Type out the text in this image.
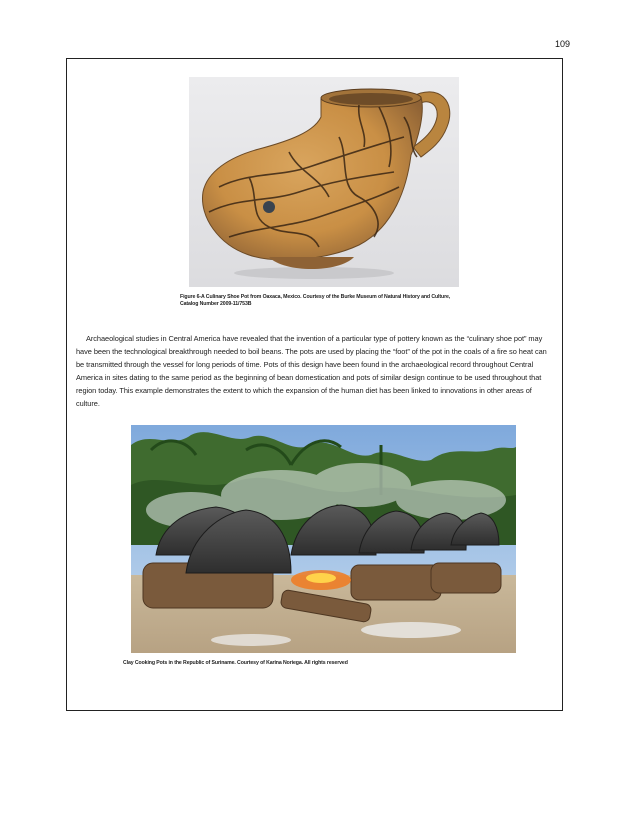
109
Figure 6-A Culinary Shoe Pot from Oaxaca, Mexico. Courtesy of the Burke Museum of Natural History and Culture, Catalog Number 2009-11/753B
Archaeological studies in Central America have revealed that the invention of a particular type of pottery known as the “culinary shoe pot” may have been the technological breakthrough needed to boil beans. The pots are used by placing the “foot” of the pot in the coals of a fire so heat can be transmitted through the vessel for long periods of time. Pots of this design have been found in the archaeological record throughout Central America in sites dating to the same period as the beginning of bean domestication and pots of similar design continue to be used throughout that region today. This example demonstrates the extent to which the expansion of the human diet has been linked to innovations in other areas of culture.
Clay Cooking Pots in the Republic of Suriname. Courtesy of Karina Noriega. All rights reserved
